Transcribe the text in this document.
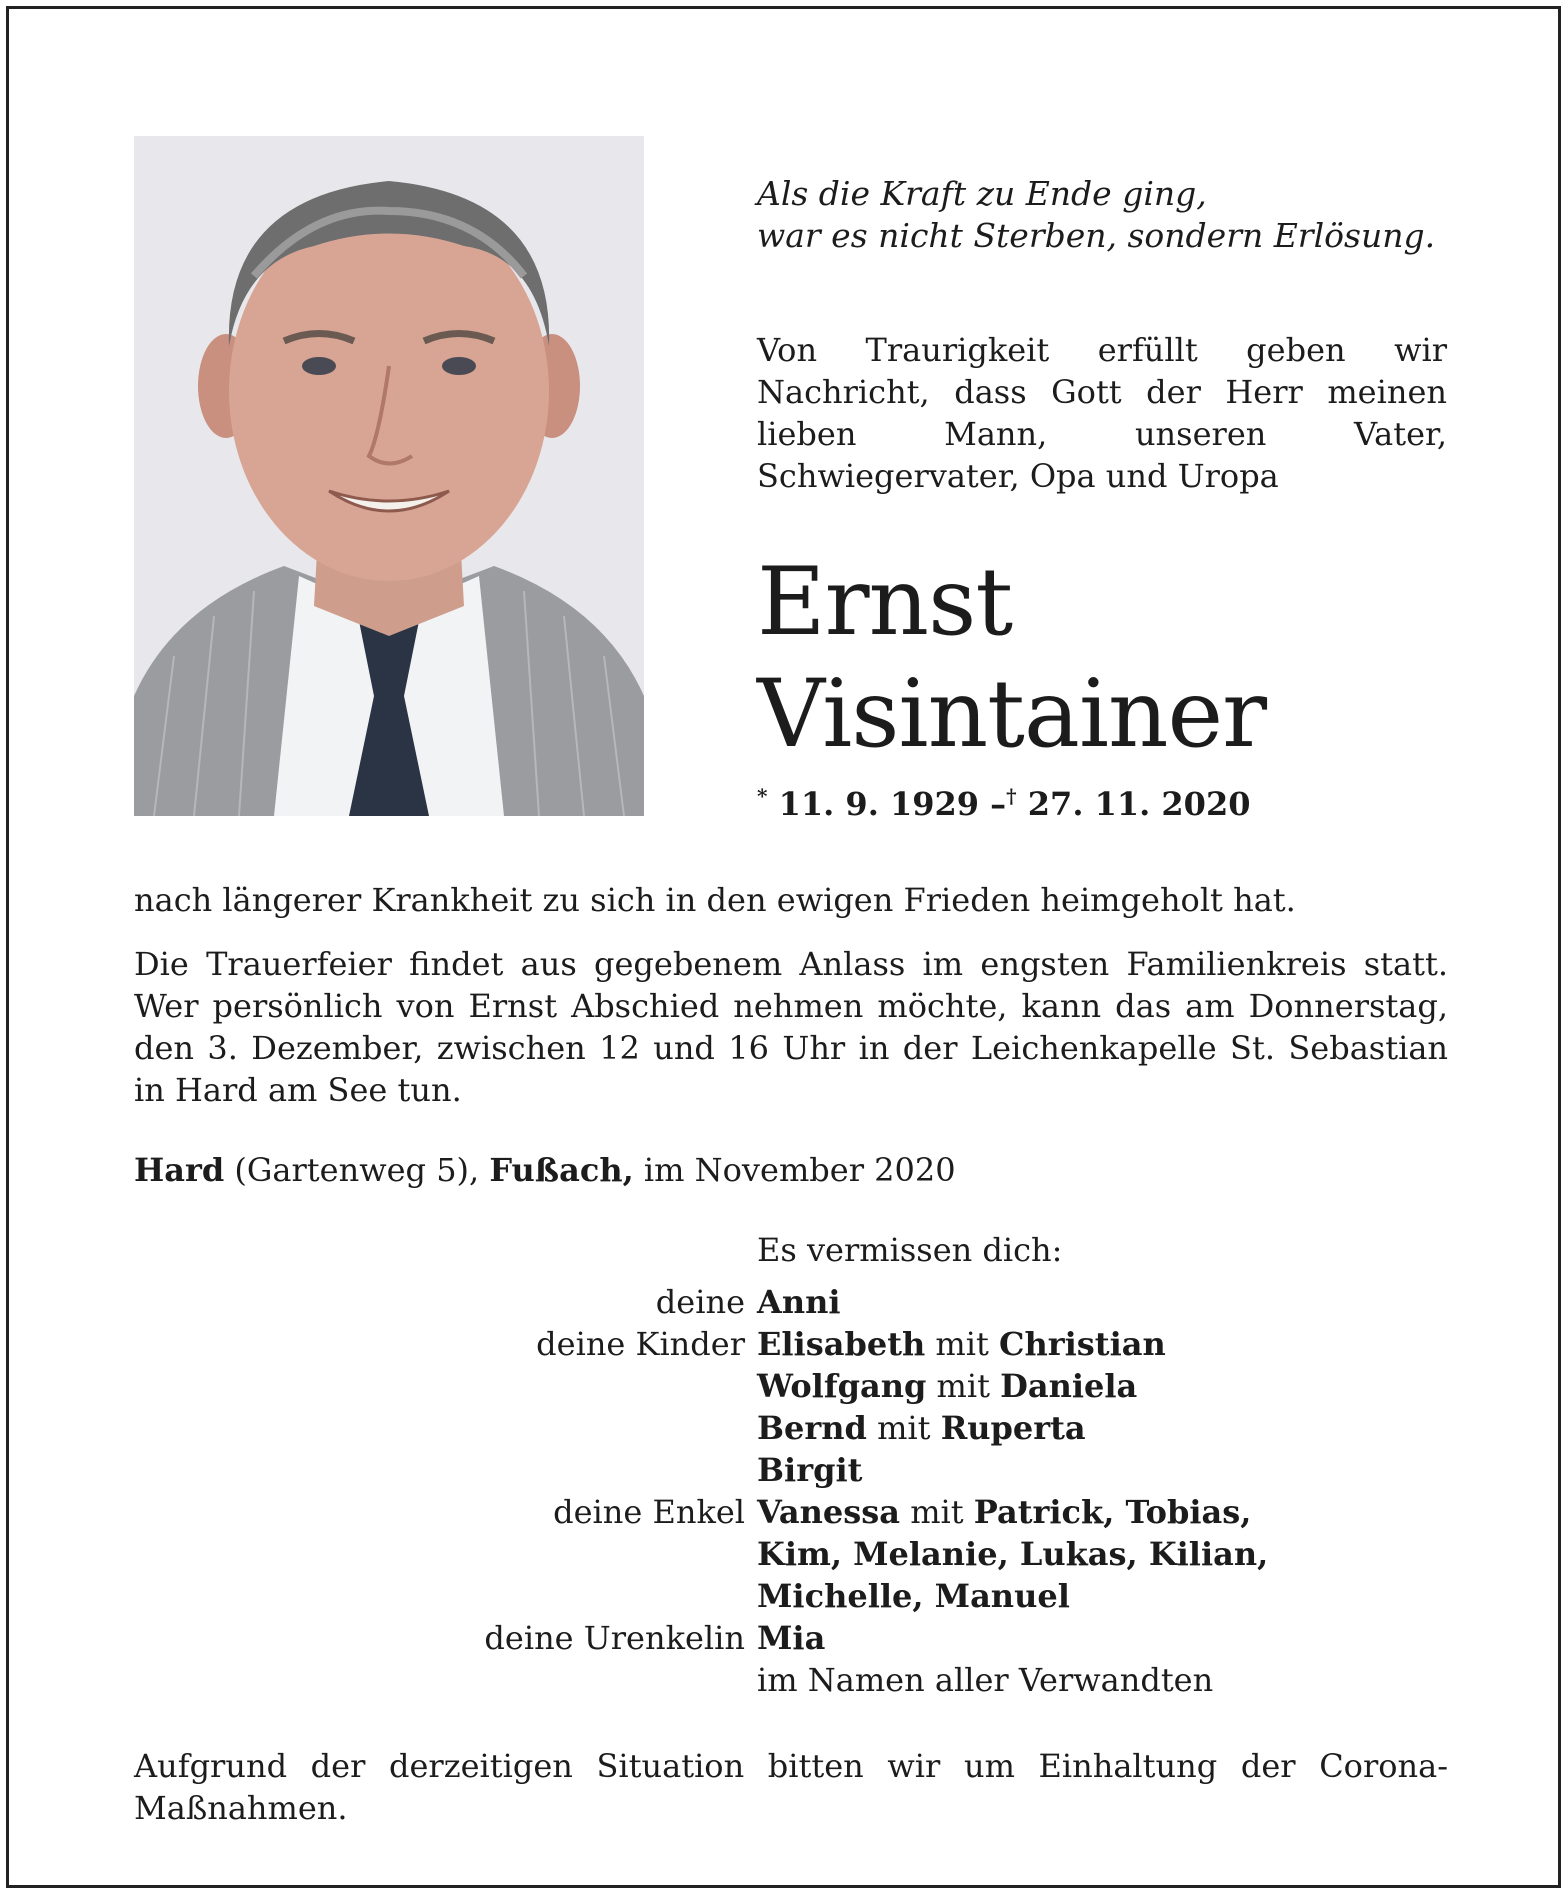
Als die Kraft zu Ende ging,
war es nicht Sterben, sondern Erlösung.
Von Traurigkeit erfüllt geben wir Nachricht, dass Gott der Herr meinen lieben Mann, unseren Vater, Schwiegervater, Opa und Uropa
Ernst
Visintainer
* 11. 9. 1929 –† 27. 11. 2020
nach längerer Krankheit zu sich in den ewigen Frieden heimgeholt hat.
Die Trauerfeier findet aus gegebenem Anlass im engsten Familienkreis statt. Wer persönlich von Ernst Abschied nehmen möchte, kann das am Donnerstag, den 3. Dezember, zwischen 12 und 16 Uhr in der Leichenkapelle St. Sebastian in Hard am See tun.
Hard (Gartenweg 5), Fußach, im November 2020
Es vermissen dich:
deine	Anni
deine Kinder	Elisabeth mit Christian
	Wolfgang mit Daniela
	Bernd mit Ruperta
	Birgit
deine Enkel	Vanessa mit Patrick, Tobias,
	Kim, Melanie, Lukas, Kilian,
	Michelle, Manuel
deine Urenkelin	Mia
	im Namen aller Verwandten
Aufgrund der derzeitigen Situation bitten wir um Einhaltung der Corona-Maßnahmen.
